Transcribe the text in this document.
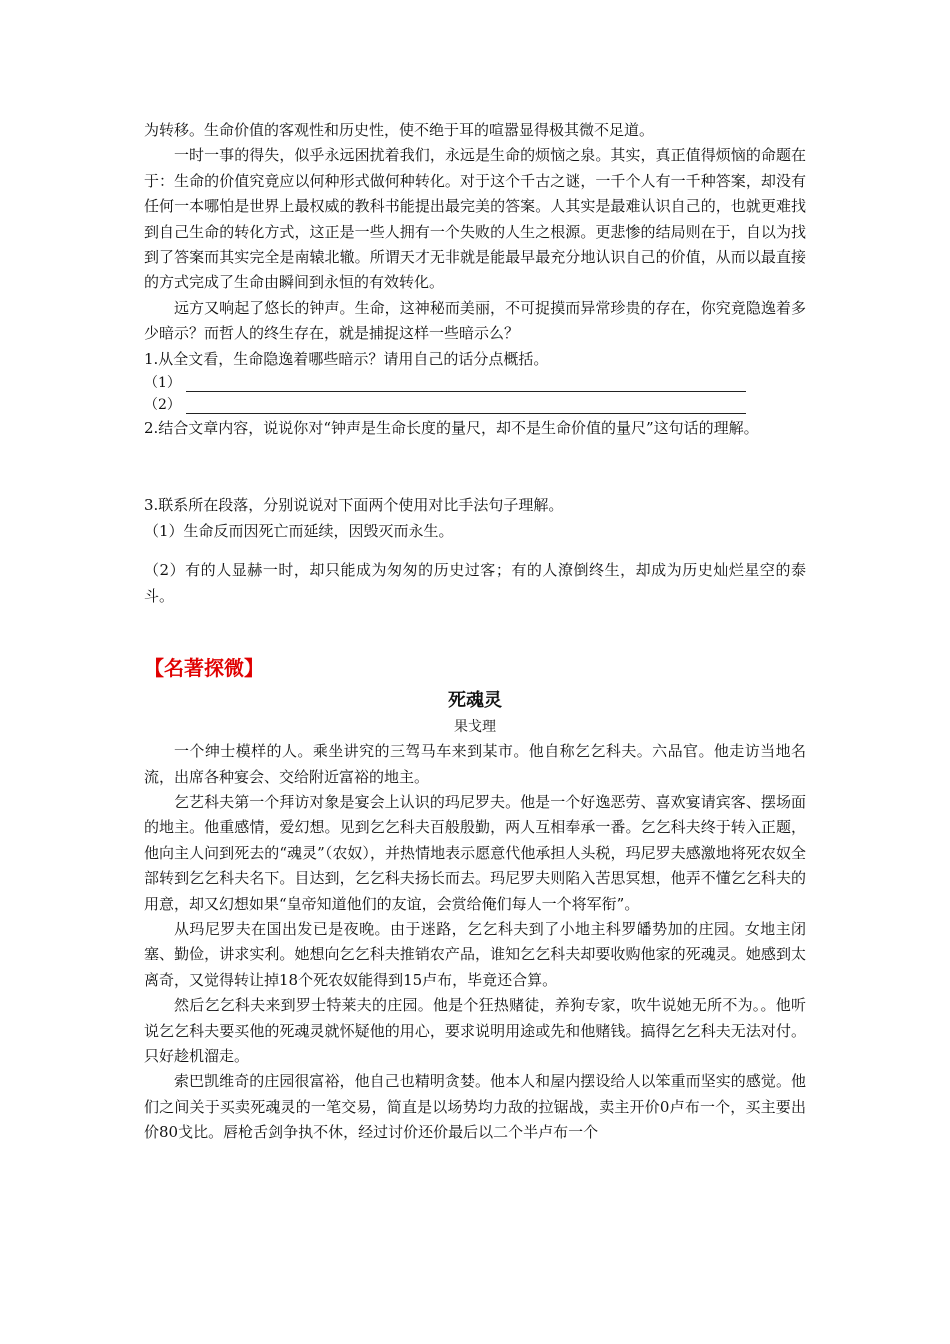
为转移。生命价值的客观性和历史性，使不绝于耳的喧嚣显得极其微不足道。

一时一事的得失，似乎永远困扰着我们，永远是生命的烦恼之泉。其实，真正值得烦恼的命题在于：生命的价值究竟应以何种形式做何种转化。对于这个千古之谜，一千个人有一千种答案，却没有任何一本哪怕是世界上最权威的教科书能提出最完美的答案。人其实是最难认识自己的，也就更难找到自己生命的转化方式，这正是一些人拥有一个失败的人生之根源。更悲惨的结局则在于，自以为找到了答案而其实完全是南辕北辙。所谓天才无非就是能最早最充分地认识自己的价值，从而以最直接的方式完成了生命由瞬间到永恒的有效转化。

远方又响起了悠长的钟声。生命，这神秘而美丽，不可捉摸而异常珍贵的存在，你究竟隐逸着多少暗示？而哲人的终生存在，就是捕捉这样一些暗示么？

1.从全文看，生命隐逸着哪些暗示？请用自己的话分点概括。

（1）
（2）

2.结合文章内容，说说你对“钟声是生命长度的量尺，却不是生命价值的量尺”这句话的理解。

3.联系所在段落，分别说说对下面两个使用对比手法句子理解。

（1）生命反而因死亡而延续，因毁灭而永生。

（2）有的人显赫一时，却只能成为匆匆的历史过客；有的人潦倒终生，却成为历史灿烂星空的泰斗。

【名著探微】
死魂灵

果戈理

一个绅士模样的人。乘坐讲究的三驾马车来到某市。他自称乞乞科夫。六品官。他走访当地名流，出席各种宴会、交给附近富裕的地主。

乞艺科夫第一个拜访对象是宴会上认识的玛尼罗夫。他是一个好逸恶劳、喜欢宴请宾客、摆场面的地主。他重感情，爱幻想。见到乞乞科夫百般殷勤，两人互相奉承一番。乞乞科夫终于转入正题，他向主人问到死去的“魂灵”（农奴），并热情地表示愿意代他承担人头税，玛尼罗夫感激地将死农奴全部转到乞乞科夫名下。目达到，乞乞科夫扬长而去。玛尼罗夫则陷入苦思冥想，他弄不懂乞乞科夫的用意，却又幻想如果“皇帝知道他们的友谊，会赏给俺们每人一个将军衔”。

从玛尼罗夫在国出发已是夜晚。由于迷路，乞乞科夫到了小地主科罗皤势加的庄园。女地主闭塞、勤俭，讲求实利。她想向乞乞科夫推销农产品，谁知乞乞科夫却要收购他家的死魂灵。她感到太离奇，又觉得转让掉18个死农奴能得到15卢布，毕竟还合算。

然后乞乞科夫来到罗士特莱夫的庄园。他是个狂热赌徒，养狗专家，吹牛说她无所不为。。他听说乞乞科夫要买他的死魂灵就怀疑他的用心，要求说明用途或先和他赌钱。搞得乞乞科夫无法对付。只好趁机溜走。

索巴凯维奇的庄园很富裕，他自己也精明贪婪。他本人和屋内摆设给人以笨重而坚实的感觉。他们之间关于买卖死魂灵的一笔交易，简直是以场势均力敌的拉锯战，卖主开价0卢布一个，买主要出价80戈比。唇枪舌剑争执不休，经过讨价还价最后以二个半卢布一个
